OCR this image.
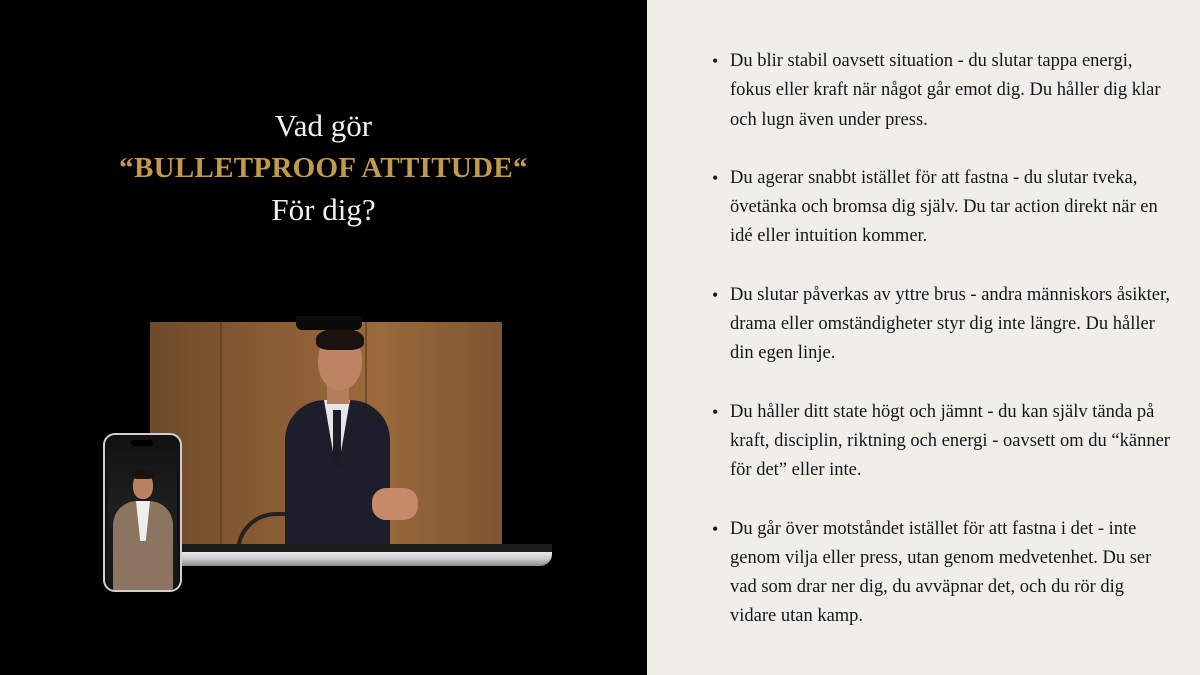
Vad gör
“BULLETPROOF ATTITUDE“
För dig?
• Du blir stabil oavsett situation - du slutar tappa energi, fokus eller kraft när något går emot dig. Du håller dig klar och lugn även under press.
• Du agerar snabbt istället för att fastna - du slutar tveka, övetänka och bromsa dig själv. Du tar action direkt när en idé eller intuition kommer.
• Du slutar påverkas av yttre brus - andra människors åsikter, drama eller omständigheter styr dig inte längre. Du håller din egen linje.
• Du håller ditt state högt och jämnt - du kan själv tända på kraft, disciplin, riktning och energi - oavsett om du “känner för det” eller inte.
• Du går över motståndet istället för att fastna i det - inte genom vilja eller press, utan genom medvetenhet. Du ser vad som drar ner dig, du avväpnar det, och du rör dig vidare utan kamp.
